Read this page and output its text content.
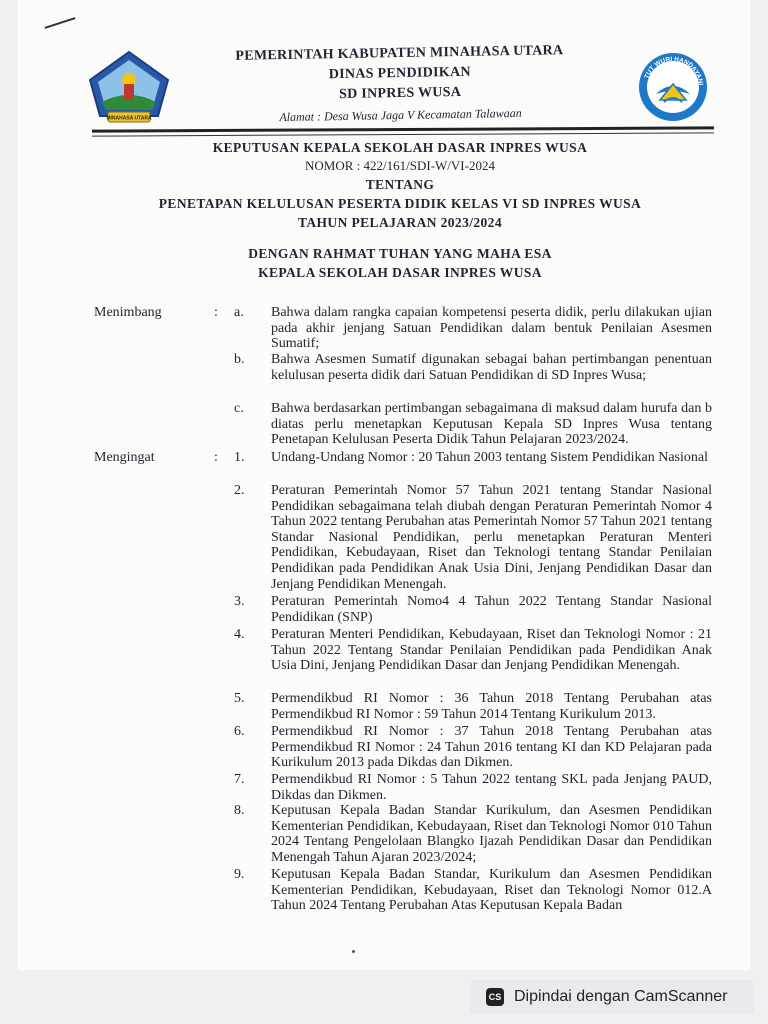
MINAHASA UTARA
TUT WURI HANDAYANI
PEMERINTAH KABUPATEN MINAHASA UTARA
DINAS PENDIDIKAN
SD INPRES WUSA
Alamat : Desa Wusa Jaga V Kecamatan Talawaan
KEPUTUSAN KEPALA SEKOLAH DASAR INPRES WUSA
NOMOR : 422/161/SDI-W/VI-2024
TENTANG
PENETAPAN KELULUSAN PESERTA DIDIK KELAS VI SD INPRES WUSA
TAHUN PELAJARAN 2023/2024
DENGAN RAHMAT TUHAN YANG MAHA ESA
KEPALA SEKOLAH DASAR INPRES WUSA
Menimbang	: a. Bahwa dalam rangka capaian kompetensi peserta didik, perlu dilakukan ujian pada akhir jenjang Satuan Pendidikan dalam bentuk Penilaian Asesmen Sumatif;
b. Bahwa Asesmen Sumatif digunakan sebagai bahan pertimbangan penentuan kelulusan peserta didik dari Satuan Pendidikan di SD Inpres Wusa;
c. Bahwa berdasarkan pertimbangan sebagaimana di maksud dalam hurufa dan b diatas perlu menetapkan Keputusan Kepala SD Inpres Wusa tentang Penetapan Kelulusan Peserta Didik Tahun Pelajaran 2023/2024.
Mengingat	: 1. Undang-Undang Nomor : 20 Tahun 2003 tentang Sistem Pendidikan Nasional
2. Peraturan Pemerintah Nomor 57 Tahun 2021 tentang Standar Nasional Pendidikan sebagaimana telah diubah dengan Peraturan Pemerintah Nomor 4 Tahun 2022 tentang Perubahan atas Pemerintah Nomor 57 Tahun 2021 tentang Standar Nasional Pendidikan, perlu menetapkan Peraturan Menteri Pendidikan, Kebudayaan, Riset dan Teknologi tentang Standar Penilaian Pendidikan pada Pendidikan Anak Usia Dini, Jenjang Pendidikan Dasar dan Jenjang Pendidikan Menengah.
3. Peraturan Pemerintah Nomo4 4 Tahun 2022 Tentang Standar Nasional Pendidikan (SNP)
4. Peraturan Menteri Pendidikan, Kebudayaan, Riset dan Teknologi Nomor : 21 Tahun 2022 Tentang Standar Penilaian Pendidikan pada Pendidikan Anak Usia Dini, Jenjang Pendidikan Dasar dan Jenjang Pendidikan Menengah.
5. Permendikbud RI Nomor : 36 Tahun 2018 Tentang Perubahan atas Permendikbud RI Nomor : 59 Tahun 2014 Tentang Kurikulum 2013.
6. Permendikbud RI Nomor : 37 Tahun 2018 Tentang Perubahan atas Permendikbud RI Nomor : 24 Tahun 2016 tentang KI dan KD Pelajaran pada Kurikulum 2013 pada Dikdas dan Dikmen.
7. Permendikbud RI Nomor : 5 Tahun 2022 tentang SKL pada Jenjang PAUD, Dikdas dan Dikmen.
8. Keputusan Kepala Badan Standar Kurikulum, dan Asesmen Pendidikan Kementerian Pendidikan, Kebudayaan, Riset dan Teknologi Nomor 010 Tahun 2024 Tentang Pengelolaan Blangko Ijazah Pendidikan Dasar dan Pendidikan Menengah Tahun Ajaran 2023/2024;
9. Keputusan Kepala Badan Standar, Kurikulum dan Asesmen Pendidikan Kementerian Pendidikan, Kebudayaan, Riset dan Teknologi Nomor 012.A Tahun 2024 Tentang Perubahan Atas Keputusan Kepala Badan
CS Dipindai dengan CamScanner
